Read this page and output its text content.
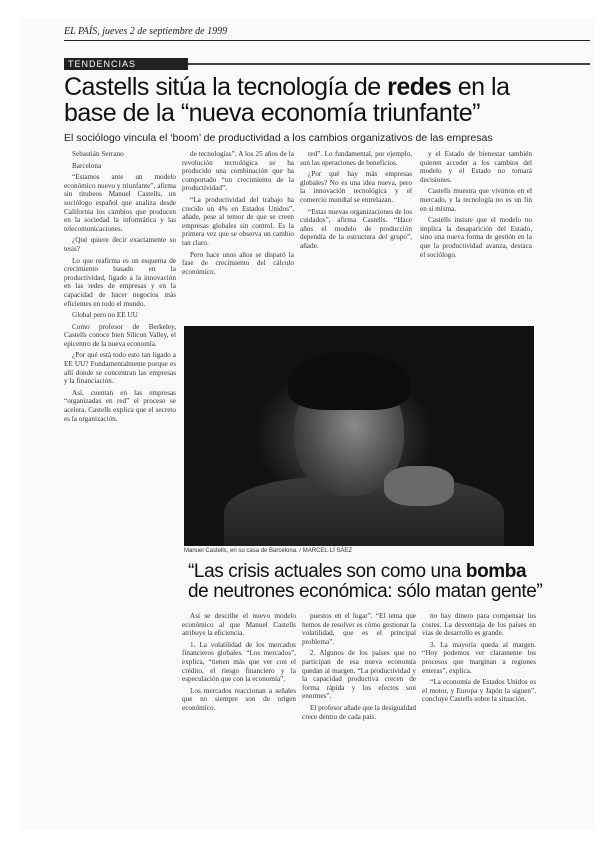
EL PAÍS, jueves 2 de septiembre de 1999
TENDENCIAS
Castells sitúa la tecnología de redes en la base de la “nueva economía triunfante”
El sociólogo vincula el ‘boom’ de productividad a los cambios organizativos de las empresas

Sebastián Serrano

Barcelona

“Estamos ante un modelo económico nuevo y triunfante”, afirma sin titubeos Manuel Castells, un sociólogo español que analiza desde California los cambios que producen en la sociedad la informática y las telecomunicaciones.

¿Qué quiere decir exactamente su tesis?

Lo que reafirma es un esquema de crecimiento basado en la productividad, ligado a la innovación en las redes de empresas y en la capacidad de hacer negocios más eficientes en todo el mundo.

Global pero no EE UU

Como profesor de Berkeley, Castells conoce bien Silicon Valley, el epicentro de la nueva economía.

¿Por qué está todo esto tan ligado a EE UU? Fundamentalmente porque es allí donde se concentran las empresas y la financiación.

Así, cuentan en las empresas “organizadas en red” el proceso se acelera. Castells explica que el secreto es la organización.

de tecnologías”. A los 25 años de la revolución tecnológica se ha producido una combinación que ha comportado “un crecimiento de la productividad”.

“La productividad del trabajo ha crecido un 4% en Estados Unidos”, añade, pese al temor de que se creen empresas globales sin control. Es la primera vez que se observa un cambio tan claro.

Pero hace unos años se disparó la fase de crecimiento del cálculo económico.

red”. Lo fundamental, por ejemplo, son las operaciones de beneficios.

¿Por qué hay más empresas globales? No es una idea nueva, pero la innovación tecnológica y el comercio mundial se entrelazan.

“Estas nuevas organizaciones de los cuidados”, afirma Castells. “Hace años el modelo de producción dependía de la estructura del grupo”, añade.

y el Estado de bienestar también quieren acceder a los cambios del modelo y el Estado no tomará decisiones.

Castells muestra que vivimos en el mercado, y la tecnología no es un fin en sí misma.

Castells insiste que el modelo no implica la desaparición del Estado, sino una nueva forma de gestión en la que la productividad avanza, destaca el sociólogo.

Manuel Castells, en su casa de Barcelona. / MARCEL·LÍ SÁEZ
“Las crisis actuales son como una bomba de neutrones económica: sólo matan gente”

Así se describe el nuevo modelo económico al que Manuel Castells atribuye la eficiencia.

1. La volatilidad de los mercados financieros globales. “Los mercados”, explica, “tienen más que ver con el crédito, el riesgo financiero y la especulación que con la economía”.

Los mercados reaccionan a señales que no siempre son de origen económico.

puestos en el lugar”. “El tema que hemos de resolver es cómo gestionar la volatilidad, que es el principal problema”.

2. Algunos de los países que no participan de esa nueva economía quedan al margen. “La productividad y la capacidad productiva crecen de forma rápida y los efectos son enormes”.

El profesor añade que la desigualdad crece dentro de cada país.

no hay dinero para compensar los costes. La desventaja de los países en vías de desarrollo es grande.

3. La mayoría queda al margen. “Hoy podemos ver claramente los procesos que marginan a regiones enteras”, explica.

“La economía de Estados Unidos es el motor, y Europa y Japón la siguen”, concluye Castells sobre la situación.
